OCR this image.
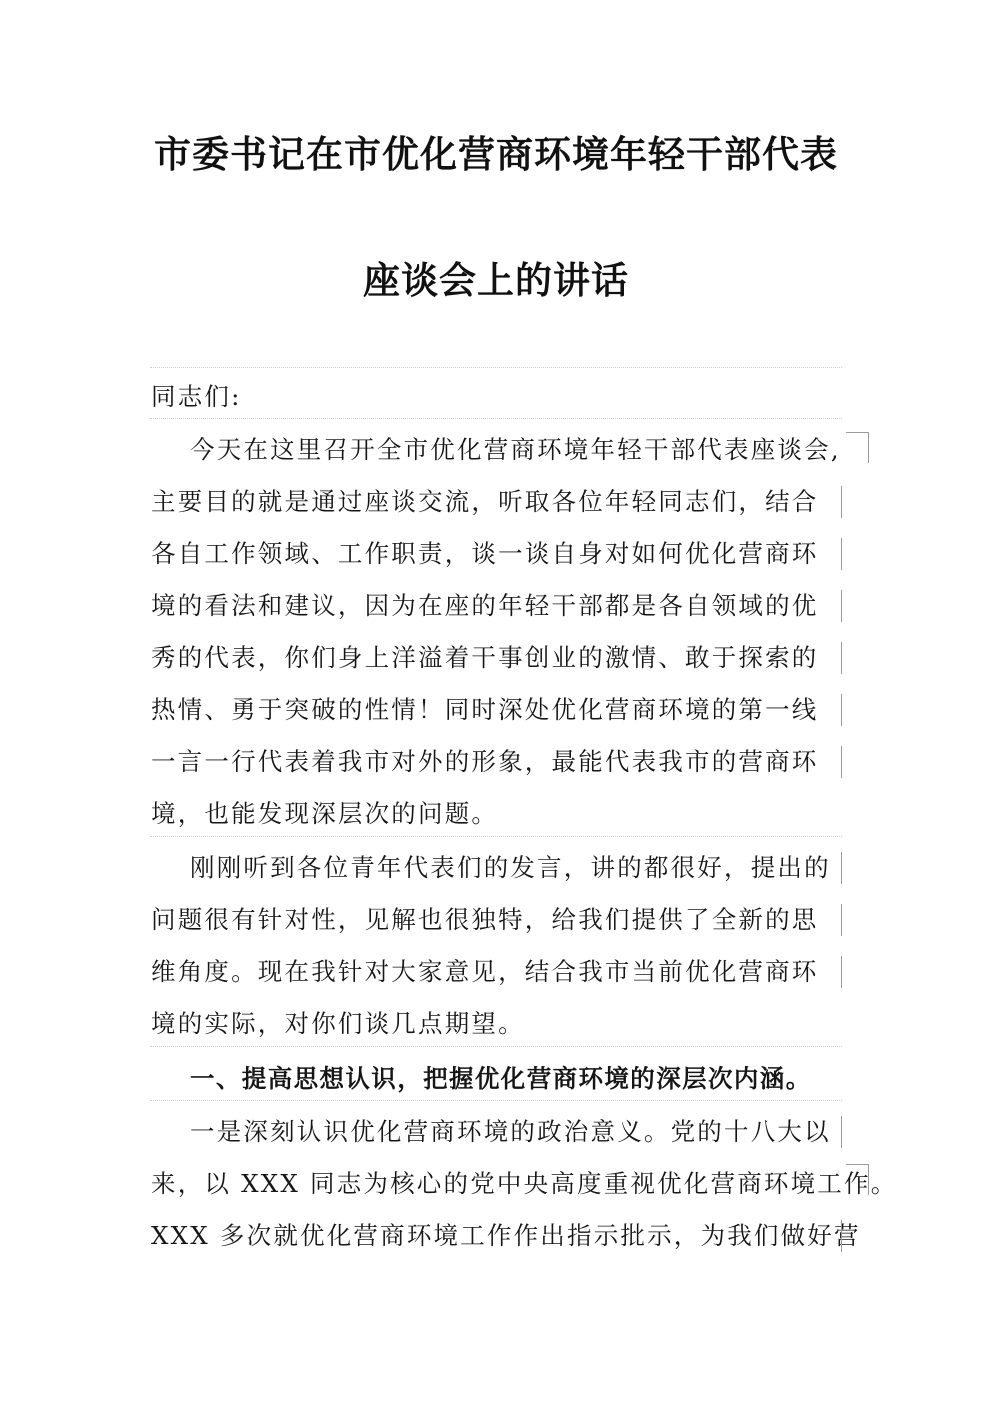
市委书记在市优化营商环境年轻干部代表
座谈会上的讲话
同志们:
今天在这里召开全市优化营商环境年轻干部代表座谈会,
主要目的就是通过座谈交流，听取各位年轻同志们，结合
各自工作领域、工作职责，谈一谈自身对如何优化营商环
境的看法和建议，因为在座的年轻干部都是各自领域的优
秀的代表，你们身上洋溢着干事创业的激情、敢于探索的
热情、勇于突破的性情！同时深处优化营商环境的第一线
一言一行代表着我市对外的形象，最能代表我市的营商环
境，也能发现深层次的问题。
刚刚听到各位青年代表们的发言，讲的都很好，提出的
问题很有针对性，见解也很独特，给我们提供了全新的思
维角度。现在我针对大家意见，结合我市当前优化营商环
境的实际，对你们谈几点期望。
一、提高思想认识，把握优化营商环境的深层次内涵。
一是深刻认识优化营商环境的政治意义。党的十八大以
来，以 XXX 同志为核心的党中央高度重视优化营商环境工作。
XXX 多次就优化营商环境工作作出指示批示，为我们做好营
